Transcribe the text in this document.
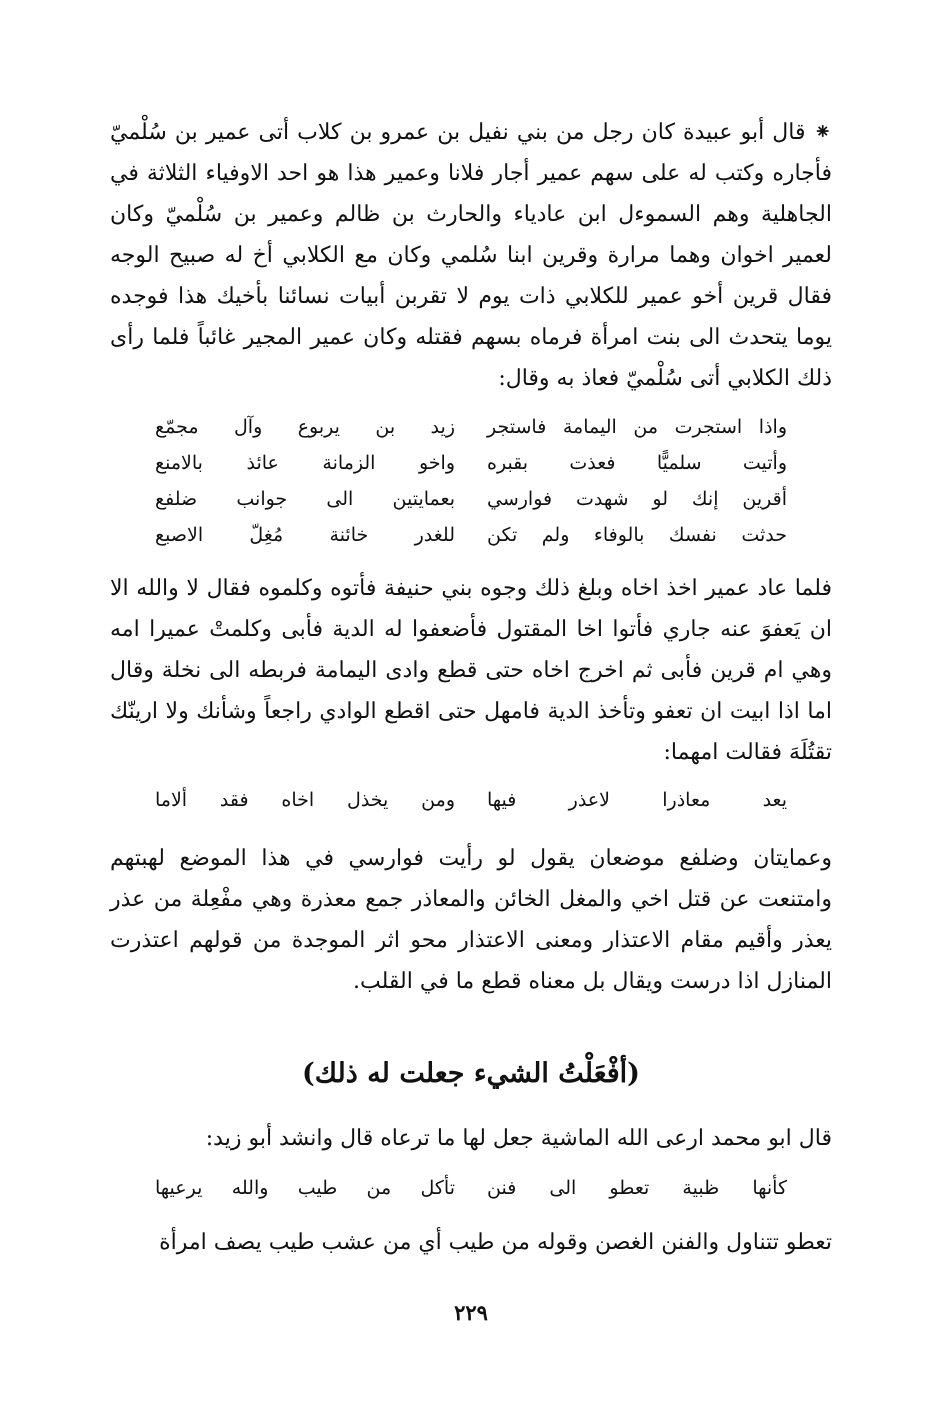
⁕ قال أبو عبيدة كان رجل من بني نفيل بن عمرو بن كلاب أتى عمير بن سُلْميّ فأجاره وكتب له على سهم عمير أجار فلانا وعمير هذا هو احد الاوفياء الثلاثة في الجاهلية وهم السموءل ابن عادياء والحارث بن ظالم وعمير بن سُلْميّ وكان لعمير اخوان وهما مرارة وقرين ابنا سُلمي وكان مع الكلابي أخ له صبيح الوجه فقال قرين أخو عمير للكلابي ذات يوم لا تقربن أبيات نسائنا بأخيك هذا فوجده يوما يتحدث الى بنت امرأة فرماه بسهم فقتله وكان عمير المجير غائباً فلما رأى ذلك الكلابي أتى سُلْميّ فعاذ به وقال:

واذا استجرت من اليمامة فاستجر
زيد بن يربوع وآل مجمّع
وأتيت سلميًّا فعذت بقبره
واخو الزمانة عائذ بالامنع
أقرين إنك لو شهدت فوارسي
بعمايتين الى جوانب ضلفع
حدثت نفسك بالوفاء ولم تكن
للغدر خائنة مُغِلّ الاصبع

فلما عاد عمير اخذ اخاه وبلغ ذلك وجوه بني حنيفة فأتوه وكلموه فقال لا والله الا ان يَعفوَ عنه جاري فأتوا اخا المقتول فأضعفوا له الدية فأبى وكلمتْ عميرا امه وهي ام قرين فأبى ثم اخرج اخاه حتى قطع وادى اليمامة فربطه الى نخلة وقال اما اذا ابيت ان تعفو وتأخذ الدية فامهل حتى اقطع الوادي راجعاً وشأنك ولا ارينّك تقتُلَهَ فقالت امهما:

يعد معاذرا لاعذر فيها
ومن يخذل اخاه فقد ألاما

وعمايتان وضلفع موضعان يقول لو رأيت فوارسي في هذا الموضع لهبتهم وامتنعت عن قتل اخي والمغل الخائن والمعاذر جمع معذرة وهي مفْعِلة من عذر يعذر وأقيم مقام الاعتذار ومعنى الاعتذار محو اثر الموجدة من قولهم اعتذرت المنازل اذا درست ويقال بل معناه قطع ما في القلب.

(أفْعَلْتُ الشيء جعلت له ذلك)

قال ابو محمد ارعى الله الماشية جعل لها ما ترعاه قال وانشد أبو زيد:

كأنها ظبية تعطو الى فنن
تأكل من طيب والله يرعيها

تعطو تتناول والفنن الغصن وقوله من طيب أي من عشب طيب يصف امرأة

٢٢٩
